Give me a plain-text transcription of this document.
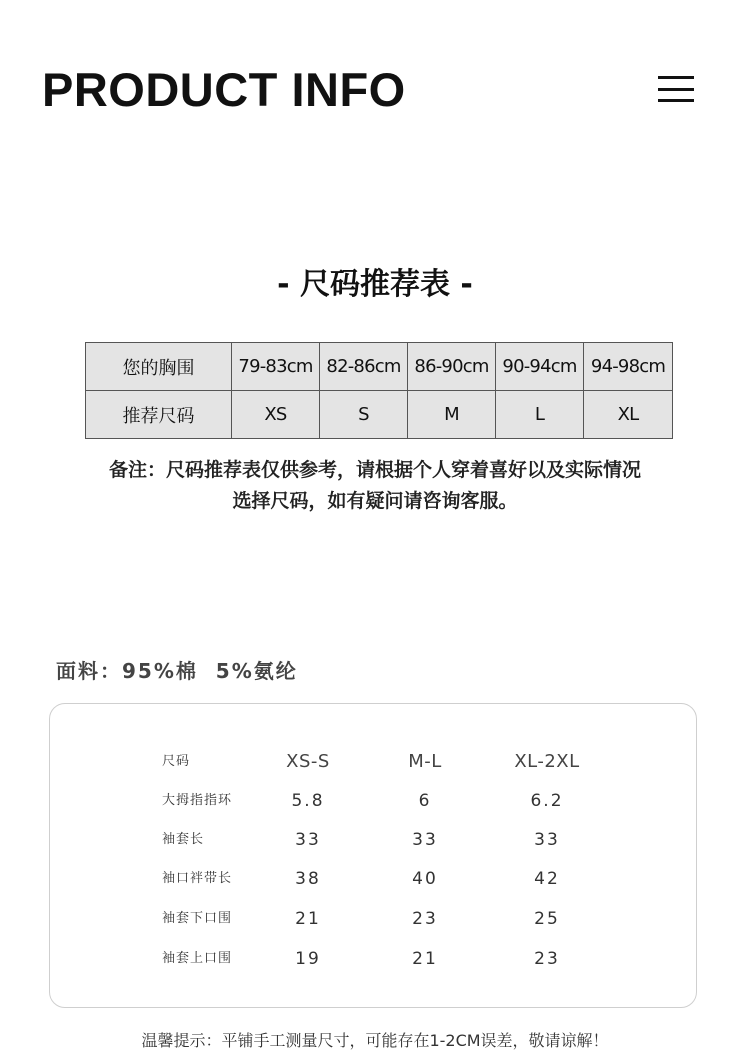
PRODUCT INFO
- 尺码推荐表 -
您的胸围	79-83cm	82-86cm	86-90cm	90-94cm	94-98cm
推荐尺码	XS	S	M	L	XL
备注：尺码推荐表仅供参考，请根据个人穿着喜好以及实际情况
选择尺码，如有疑问请咨询客服。
面料：95%棉  5%氨纶
尺码	XS-S	M-L	XL-2XL
大拇指指环	5.8	6	6.2
袖套长	33	33	33
袖口袢带长	38	40	42
袖套下口围	21	23	25
袖套上口围	19	21	23
温馨提示：平铺手工测量尺寸，可能存在1-2CM误差，敬请谅解！
